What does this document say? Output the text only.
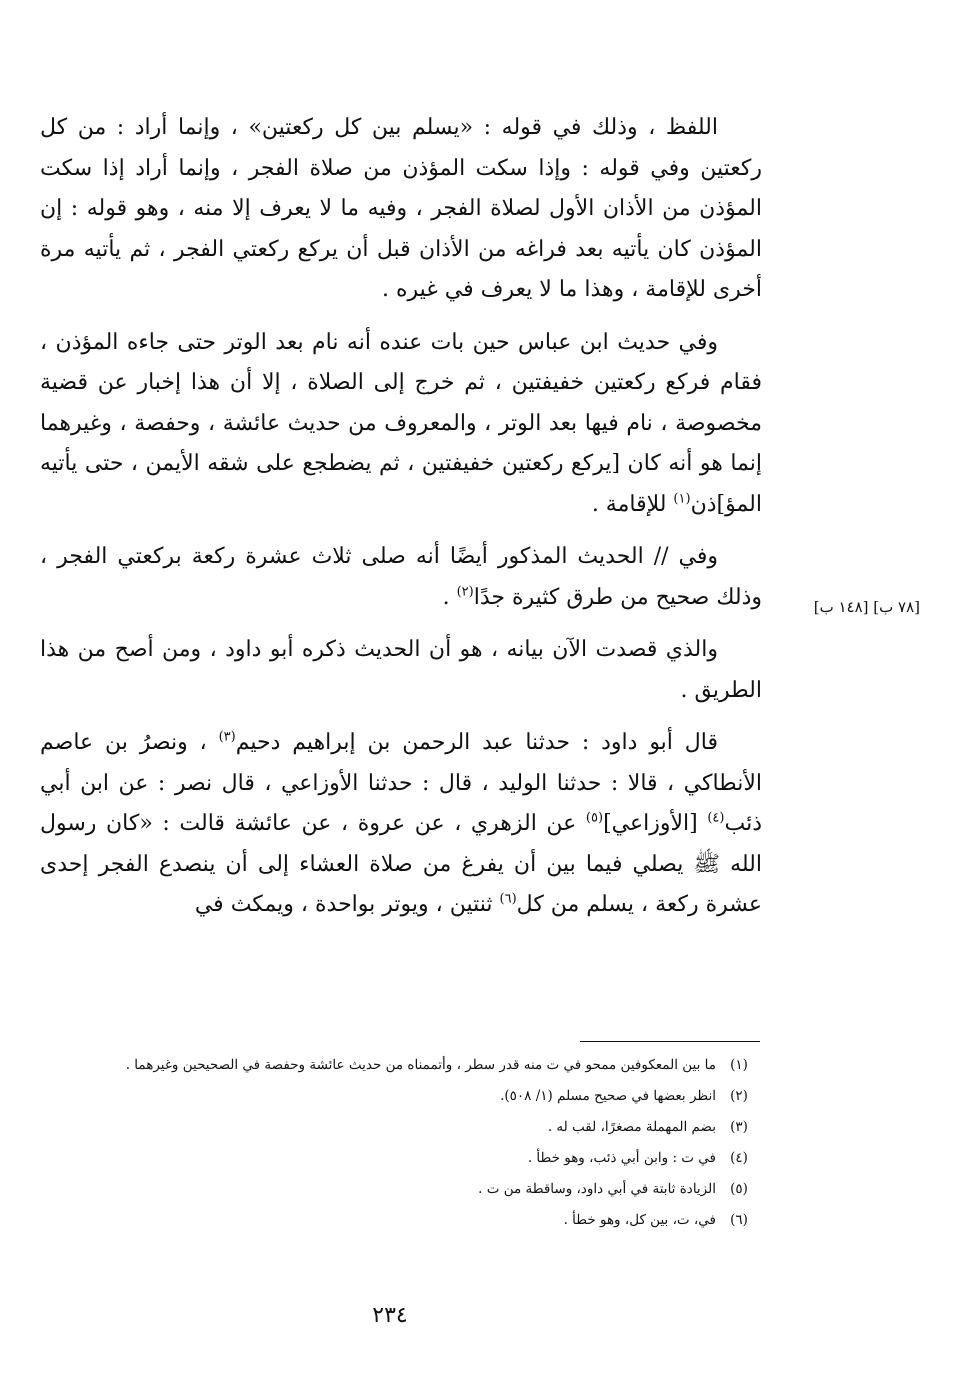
[٧٨ ب] [١٤٨ ب]

اللفظ ، وذلك في قوله : «يسلم بين كل ركعتين» ، وإنما أراد : من كل ركعتين وفي قوله : وإذا سكت المؤذن من صلاة الفجر ، وإنما أراد إذا سكت المؤذن من الأذان الأول لصلاة الفجر ، وفيه ما لا يعرف إلا منه ، وهو قوله : إن المؤذن كان يأتيه بعد فراغه من الأذان قبل أن يركع ركعتي الفجر ، ثم يأتيه مرة أخرى للإقامة ، وهذا ما لا يعرف في غيره .

وفي حديث ابن عباس حين بات عنده أنه نام بعد الوتر حتى جاءه المؤذن ، فقام فركع ركعتين خفيفتين ، ثم خرج إلى الصلاة ، إلا أن هذا إخبار عن قضية مخصوصة ، نام فيها بعد الوتر ، والمعروف من حديث عائشة ، وحفصة ، وغيرهما إنما هو أنه كان [يركع ركعتين خفيفتين ، ثم يضطجع على شقه الأيمن ، حتى يأتيه المؤ]ذن$^{(١)}$ للإقامة .

وفي // الحديث المذكور أيضًا أنه صلى ثلاث عشرة ركعة بركعتي الفجر ، وذلك صحيح من طرق كثيرة جدًا$^{(٢)}$ .

والذي قصدت الآن بيانه ، هو أن الحديث ذكره أبو داود ، ومن أصح من هذا الطريق .

قال أبو داود : حدثنا عبد الرحمن بن إبراهيم دحيم$^{(٣)}$ ، ونصرُ بن عاصم الأنطاكي ، قالا : حدثنا الوليد ، قال : حدثنا الأوزاعي ، قال نصر : عن ابن أبي ذئب$^{(٤)}$ [الأوزاعي]$^{(٥)}$ عن الزهري ، عن عروة ، عن عائشة قالت : «كان رسول الله ﷺ يصلي فيما بين أن يفرغ من صلاة العشاء إلى أن ينصدع الفجر إحدى عشرة ركعة ، يسلم من كل$^{(٦)}$ ثنتين ، ويوتر بواحدة ، ويمكث في

(١)
ما بين المعكوفين ممحو في ت منه قدر سطر ، وأتممناه من حديث عائشة وحفصة في الصحيحين وغيرهما .
(٢)
انظر بعضها في صحيح مسلم (١/ ٥٠٨).
(٣)
بضم المهملة مصغرًا، لقب له .
(٤)
في ت : وابن أبي ذئب، وهو خطأ .
(٥)
الزيادة ثابتة في أبي داود، وساقطة من ت .
(٦)
في، ت، بين كل، وهو خطأ .
٢٣٤
